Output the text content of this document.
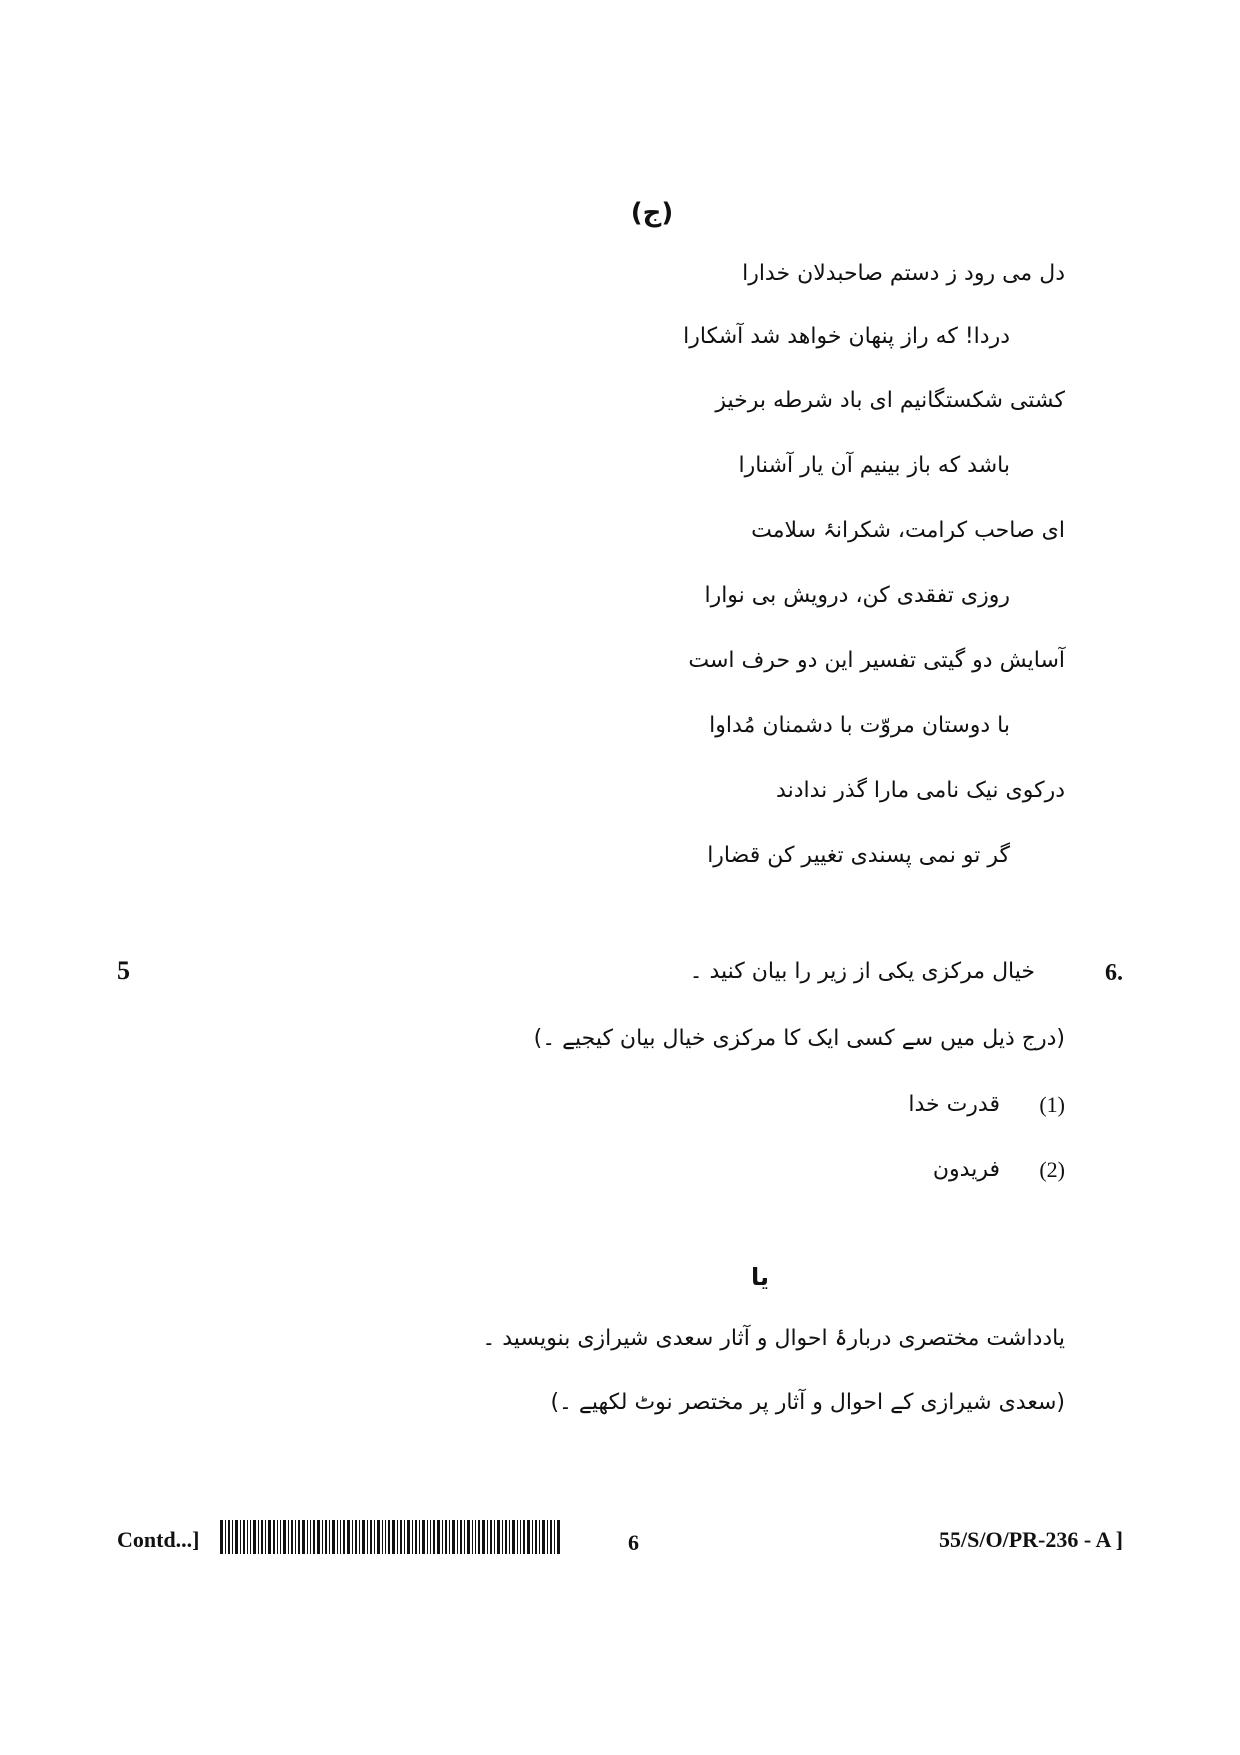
(ج)
دل می رود ز دستم صاحبدلان خدارا
دردا! که راز پنهان خواهد شد آشکارا
کشتی شکستگانیم ای باد شرطه برخیز
باشد که باز بینیم آن یار آشنارا
ای صاحب کرامت، شکرانۂ سلامت
روزی تفقدی کن، درویش بی نوارا
آسایش دو گیتی تفسیر این دو حرف است
با دوستان مروّت با دشمنان مُداوا
درکوی نیک نامی مارا گذر ندادند
گر تو نمی پسندی تغییر کن قضارا
5	6.
خیال مرکزی یکی از زیر را بیان کنید ۔
(درج ذیل میں سے کسی ایک کا مرکزی خیال بیان کیجیے ۔)
(1)
قدرت خدا
(2)
فریدون
یا
یادداشت مختصری دربارۂ احوال و آثار سعدی شیرازی بنویسید ۔
(سعدی شیرازی کے احوال و آثار پر مختصر نوٹ لکھیے ۔)
Contd...]	6	55/S/O/PR-236 - A ]
